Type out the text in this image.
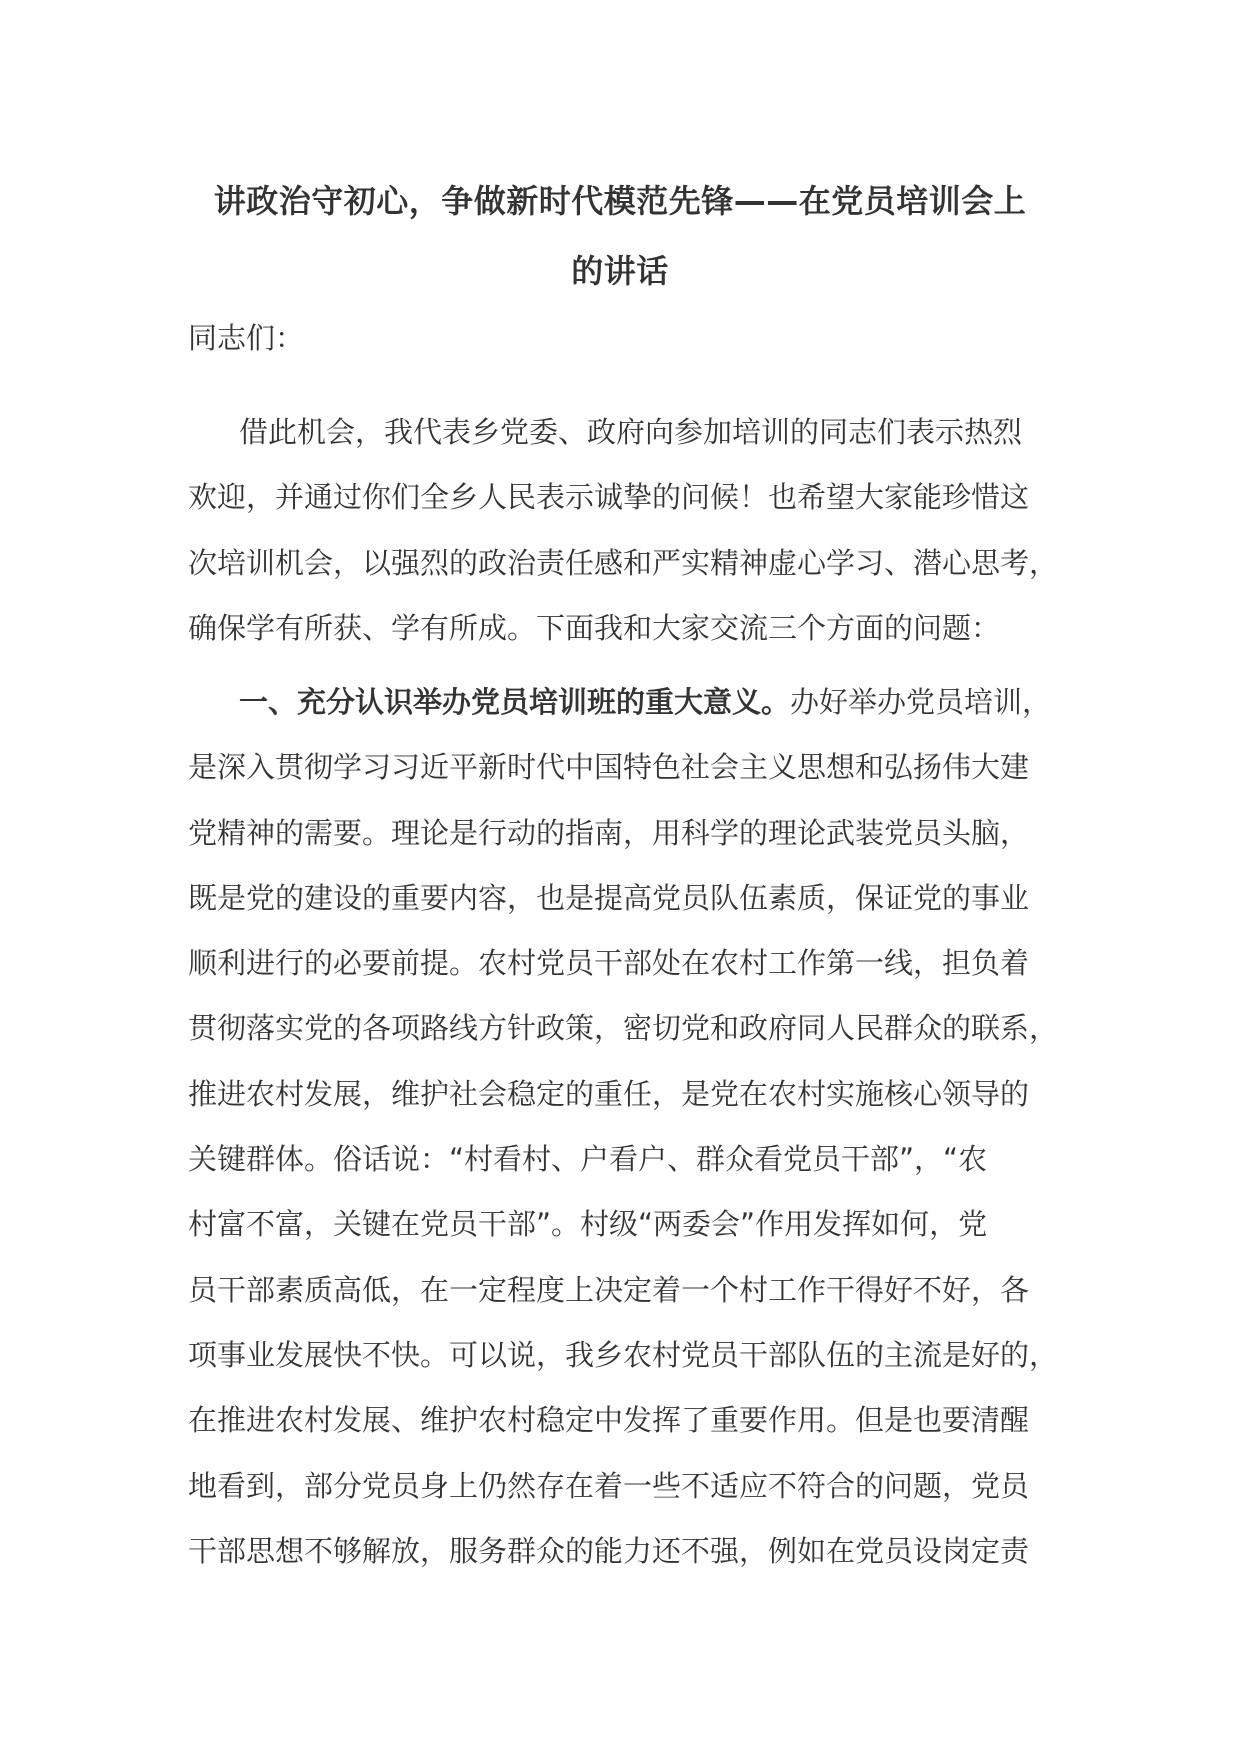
讲政治守初心，争做新时代模范先锋——在党员培训会上
的讲话
同志们：
借此机会，我代表乡党委、政府向参加培训的同志们表示热烈
欢迎，并通过你们全乡人民表示诚挚的问候！也希望大家能珍惜这
次培训机会，以强烈的政治责任感和严实精神虚心学习、潜心思考，
确保学有所获、学有所成。下面我和大家交流三个方面的问题：
一、充分认识举办党员培训班的重大意义。办好举办党员培训，
是深入贯彻学习习近平新时代中国特色社会主义思想和弘扬伟大建
党精神的需要。理论是行动的指南，用科学的理论武装党员头脑，
既是党的建设的重要内容，也是提高党员队伍素质，保证党的事业
顺利进行的必要前提。农村党员干部处在农村工作第一线，担负着
贯彻落实党的各项路线方针政策，密切党和政府同人民群众的联系，
推进农村发展，维护社会稳定的重任，是党在农村实施核心领导的
关键群体。俗话说：“村看村、户看户、群众看党员干部”，“农
村富不富，关键在党员干部”。村级“两委会”作用发挥如何，党
员干部素质高低，在一定程度上决定着一个村工作干得好不好，各
项事业发展快不快。可以说，我乡农村党员干部队伍的主流是好的，
在推进农村发展、维护农村稳定中发挥了重要作用。但是也要清醒
地看到，部分党员身上仍然存在着一些不适应不符合的问题，党员
干部思想不够解放，服务群众的能力还不强，例如在党员设岗定责
